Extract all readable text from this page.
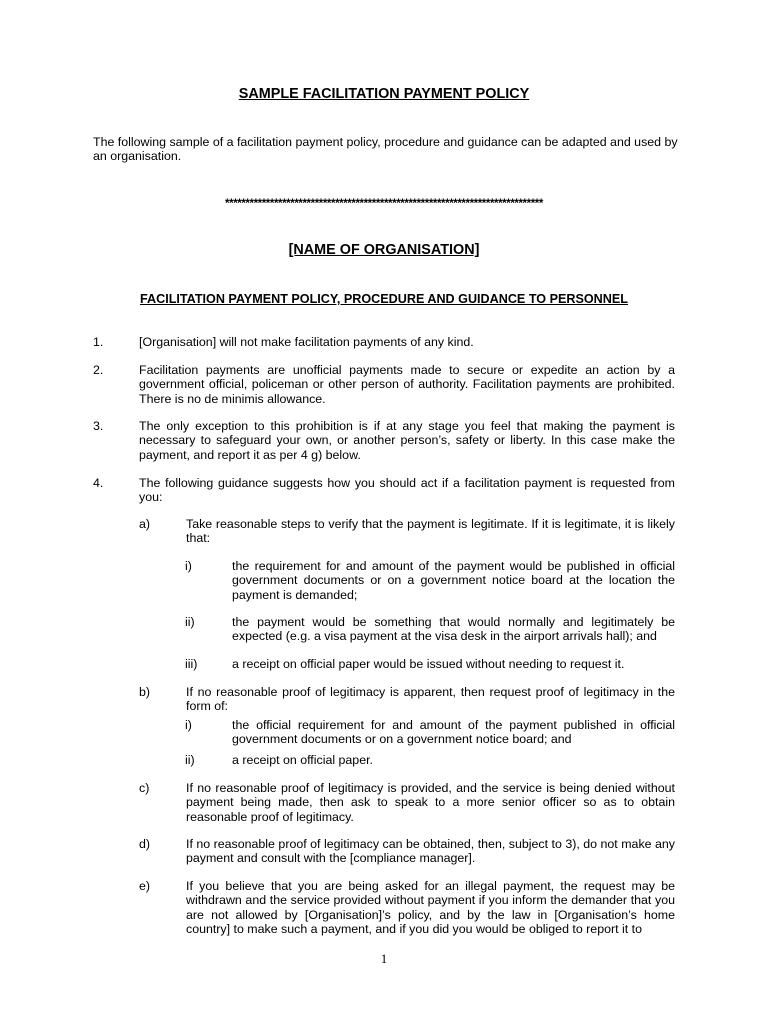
SAMPLE FACILITATION PAYMENT POLICY
The following sample of a facilitation payment policy, procedure and guidance can be adapted and used by an organisation.
******************************************************************************
[NAME OF ORGANISATION]
FACILITATION PAYMENT POLICY, PROCEDURE AND GUIDANCE TO PERSONNEL
1.	[Organisation] will not make facilitation payments of any kind.
2.	Facilitation payments are unofficial payments made to secure or expedite an action by a government official, policeman or other person of authority. Facilitation payments are prohibited. There is no de minimis allowance.
3.	The only exception to this prohibition is if at any stage you feel that making the payment is necessary to safeguard your own, or another person’s, safety or liberty. In this case make the payment, and report it as per 4 g) below.
4.	The following guidance suggests how you should act if a facilitation payment is requested from you:
a)	Take reasonable steps to verify that the payment is legitimate. If it is legitimate, it is likely that:
i)	the requirement for and amount of the payment would be published in official government documents or on a government notice board at the location the payment is demanded;
ii)	the payment would be something that would normally and legitimately be expected (e.g. a visa payment at the visa desk in the airport arrivals hall); and
iii)	a receipt on official paper would be issued without needing to request it.
b)	If no reasonable proof of legitimacy is apparent, then request proof of legitimacy in the form of:
i)	the official requirement for and amount of the payment published in official government documents or on a government notice board; and
ii)	a receipt on official paper.
c)	If no reasonable proof of legitimacy is provided, and the service is being denied without payment being made, then ask to speak to a more senior officer so as to obtain reasonable proof of legitimacy.
d)	If no reasonable proof of legitimacy can be obtained, then, subject to 3), do not make any payment and consult with the [compliance manager].
e)	If you believe that you are being asked for an illegal payment, the request may be withdrawn and the service provided without payment if you inform the demander that you are not allowed by [Organisation]’s policy, and by the law in [Organisation’s home country] to make such a payment, and if you did you would be obliged to report it to
1
